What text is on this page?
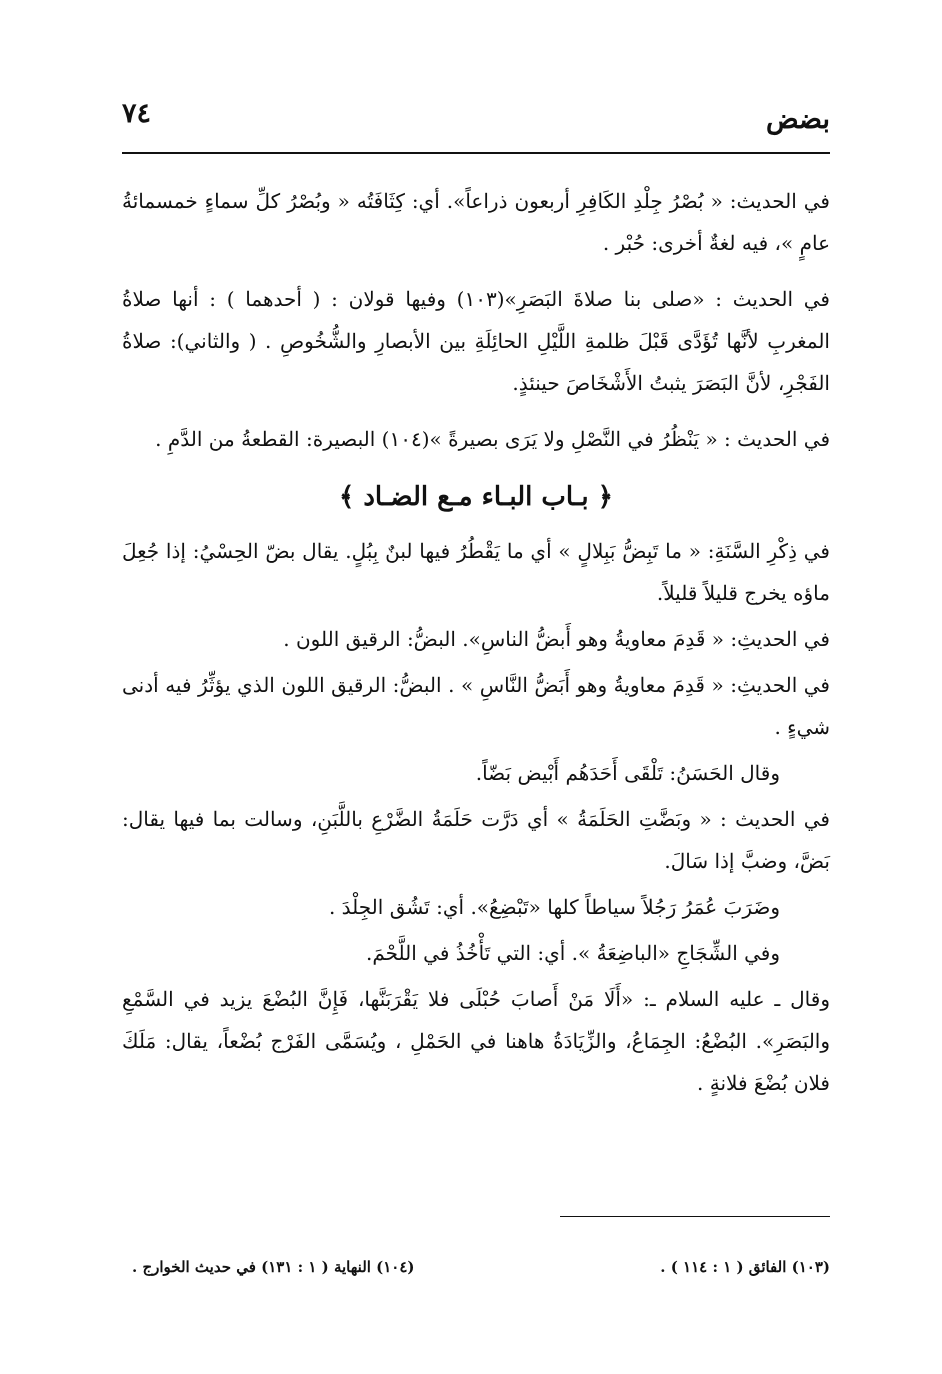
٧٤	بضض

في الحديث: « بُصْرُ جِلْدِ الكَافِرِ أربعون ذراعاً». أي: كِثَافَتُه « وبُصْرُ كلِّ سماءٍ خمسمائةُ عامٍ »، فيه لغةٌ أخرى: حُبْر .

في الحديث : «صلى بنا صلاةَ البَصَرِ»(١٠٣) وفيها قولان : ( أحدهما ) : أنها صلاةُ المغربِ لأنَّها تُؤَدَّى قَبْلَ ظلمةِ اللَّيْلِ الحائِلَةِ بين الأبصارِ والشُّخُوصِ . ( والثاني): صلاةُ الفَجْرِ، لأنَّ البَصَرَ يثبتُ الأَشْخَاصَ حينئذٍ.

في الحديث : « يَنْظُرُ في النَّصْلِ ولا يَرَى بصيرةً »(١٠٤) البصيرة: القطعةُ من الدَّمِ .

﴿ بـاب البـاء مـع الضـاد ﴾

في ذِكْرِ السَّنَةِ: « ما تَبِضُّ بَبِلالٍ » أي ما يَقْطُرُ فيها لبنٌ بِبُلٍ. يقال بضّ الحِسْيُ: إذا جُعِلَ ماؤه يخرج قليلاً قليلاً.

في الحديثِ: « قَدِمَ معاويةُ وهو أَبضُّ الناسِ». البضُّ: الرقيق اللون .

في الحديثِ: « قَدِمَ معاويةُ وهو أَبَضُّ النَّاسِ » . البضُّ: الرقيق اللون الذي يؤثِّرُ فيه أدنى شيءٍ .

وقال الحَسَنُ: تَلْقَى أَحَدَهُم أَبْيض بَضّاً.

في الحديث : « وبَضَّتِ الحَلَمَةُ » أي دَرَّت حَلَمَةُ الضَّرْعِ باللَّبَنِ، وسالت بما فيها يقال: بَضَّ، وضبَّ إذا سَالَ.

وضَرَبَ عُمَرُ رَجُلاً سياطاً كلها «تَبْضِعُ». أي: تَشُق الجِلْدَ .

وفي الشِّجَاجِ «الباضِعَةُ ». أي: التي تَأْخُذُ في اللَّحْمَ.

وقال ـ عليه السلام ـ: «أَلَا مَنْ أَصابَ حُبْلَى فلا يَقْرَبَنَّها، فَإِنَّ البُضْعَ يزيد في السَّمْعِ والبَصَرِ». البُضْعُ: الجِمَاعُ، والزِّيَادَةُ هاهنا في الحَمْلِ ، ويُسَمَّى الفَرْج بُضْعاً، يقال: مَلَكَ فلان بُضْعَ فلانةٍ .

(١٠٣) الفائق ( ١ : ١١٤ ) .
(١٠٤) النهاية ( ١ : ١٣١) في حديث الخوارج .
